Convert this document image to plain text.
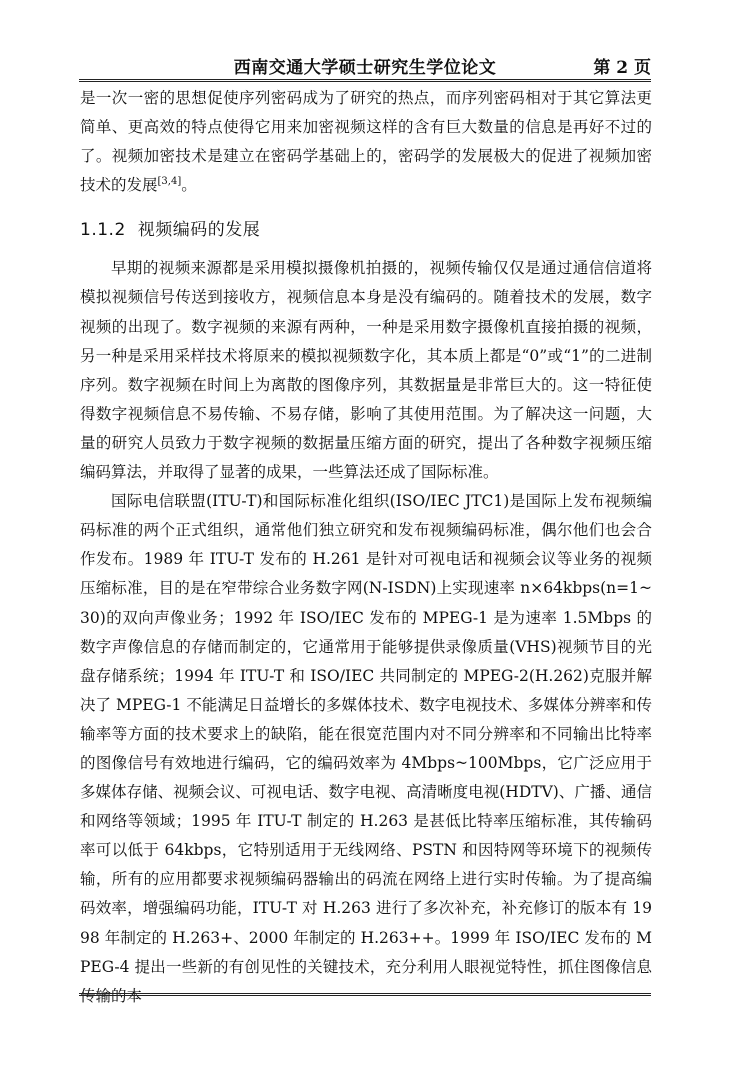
西南交通大学硕士研究生学位论文	第 2 页

是一次一密的思想促使序列密码成为了研究的热点，而序列密码相对于其它算法更简单、更高效的特点使得它用来加密视频这样的含有巨大数量的信息是再好不过的了。视频加密技术是建立在密码学基础上的，密码学的发展极大的促进了视频加密技术的发展[3,4]。

1.1.2 视频编码的发展

早期的视频来源都是采用模拟摄像机拍摄的，视频传输仅仅是通过通信信道将模拟视频信号传送到接收方，视频信息本身是没有编码的。随着技术的发展，数字视频的出现了。数字视频的来源有两种，一种是采用数字摄像机直接拍摄的视频，另一种是采用采样技术将原来的模拟视频数字化，其本质上都是“0”或“1”的二进制序列。数字视频在时间上为离散的图像序列，其数据量是非常巨大的。这一特征使得数字视频信息不易传输、不易存储，影响了其使用范围。为了解决这一问题，大量的研究人员致力于数字视频的数据量压缩方面的研究，提出了各种数字视频压缩编码算法，并取得了显著的成果，一些算法还成了国际标准。

国际电信联盟(ITU-T)和国际标准化组织(ISO/IEC JTC1)是国际上发布视频编码标准的两个正式组织，通常他们独立研究和发布视频编码标准，偶尔他们也会合作发布。1989 年 ITU-T 发布的 H.261 是针对可视电话和视频会议等业务的视频压缩标准，目的是在窄带综合业务数字网(N-ISDN)上实现速率 n×64kbps(n=1~30)的双向声像业务；1992 年 ISO/IEC 发布的 MPEG-1 是为速率 1.5Mbps 的数字声像信息的存储而制定的，它通常用于能够提供录像质量(VHS)视频节目的光盘存储系统；1994 年 ITU-T 和 ISO/IEC 共同制定的 MPEG-2(H.262)克服并解决了 MPEG-1 不能满足日益增长的多媒体技术、数字电视技术、多媒体分辨率和传输率等方面的技术要求上的缺陷，能在很宽范围内对不同分辨率和不同输出比特率的图像信号有效地进行编码，它的编码效率为 4Mbps~100Mbps，它广泛应用于多媒体存储、视频会议、可视电话、数字电视、高清晰度电视(HDTV)、广播、通信和网络等领域；1995 年 ITU-T 制定的 H.263 是甚低比特率压缩标准，其传输码率可以低于 64kbps，它特别适用于无线网络、PSTN 和因特网等环境下的视频传输，所有的应用都要求视频编码器输出的码流在网络上进行实时传输。为了提高编码效率，增强编码功能，ITU-T 对 H.263 进行了多次补充，补充修订的版本有 1998 年制定的 H.263+、2000 年制定的 H.263++。1999 年 ISO/IEC 发布的 MPEG-4 提出一些新的有创见性的关键技术，充分利用人眼视觉特性，抓住图像信息传输的本
